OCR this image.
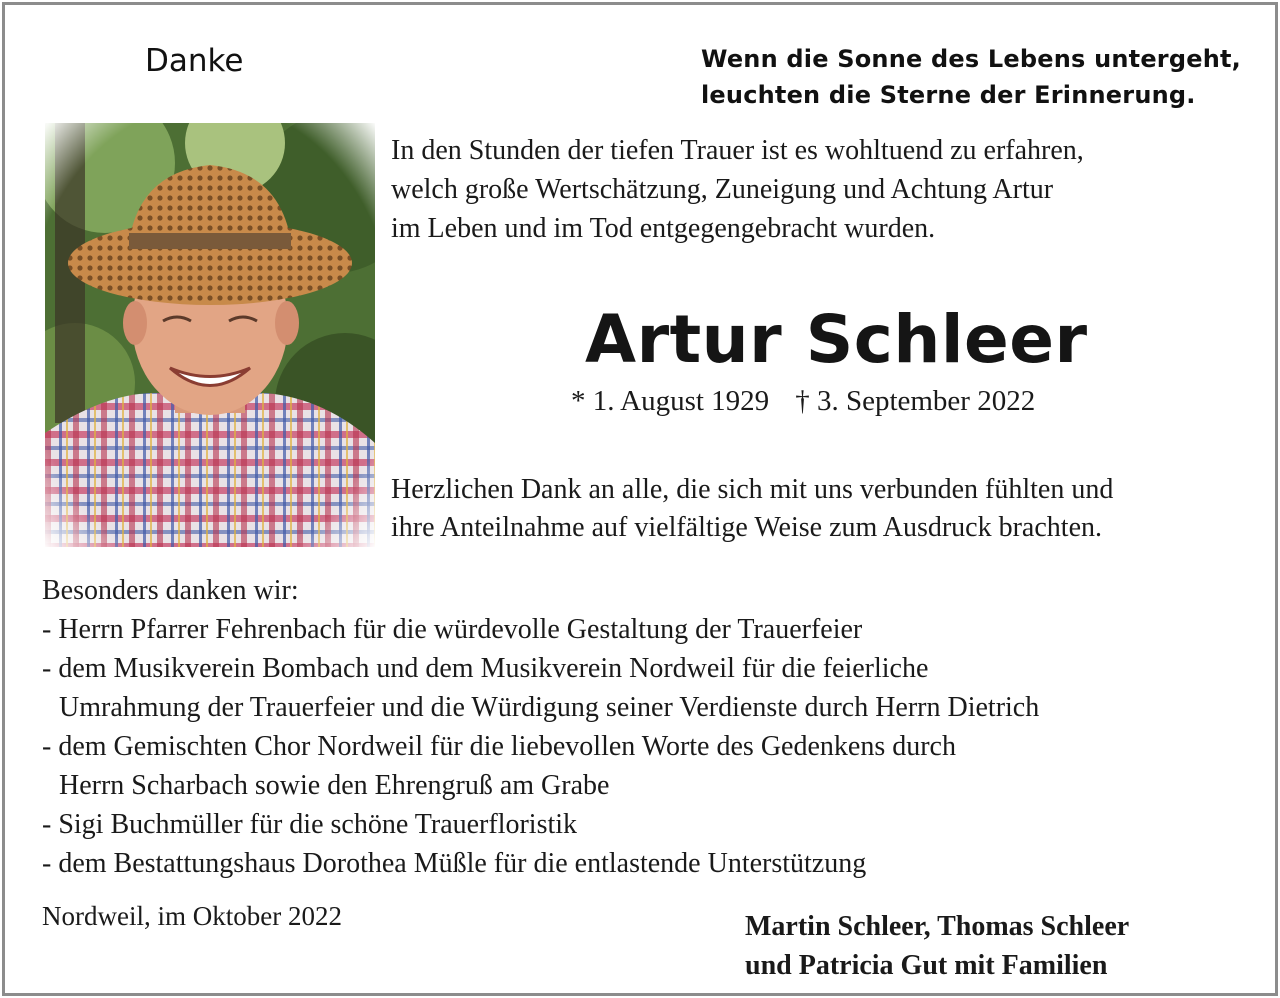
Danke	Wenn die Sonne des Lebens untergeht,
leuchten die Sterne der Erinnerung.
In den Stunden der tiefen Trauer ist es wohltuend zu erfahren,
welch große Wertschätzung, Zuneigung und Achtung Artur
im Leben und im Tod entgegengebracht wurden.
Artur Schleer
* 1. August 1929 † 3. September 2022
Herzlichen Dank an alle, die sich mit uns verbunden fühlten und
ihre Anteilnahme auf vielfältige Weise zum Ausdruck brachten.
Besonders danken wir:
- Herrn Pfarrer Fehrenbach für die würdevolle Gestaltung der Trauerfeier
- dem Musikverein Bombach und dem Musikverein Nordweil für die feierliche
Umrahmung der Trauerfeier und die Würdigung seiner Verdienste durch Herrn Dietrich
- dem Gemischten Chor Nordweil für die liebevollen Worte des Gedenkens durch
Herrn Scharbach sowie den Ehrengruß am Grabe
- Sigi Buchmüller für die schöne Trauerfloristik
- dem Bestattungshaus Dorothea Müßle für die entlastende Unterstützung
Nordweil, im Oktober 2022	Martin Schleer, Thomas Schleer
und Patricia Gut mit Familien
